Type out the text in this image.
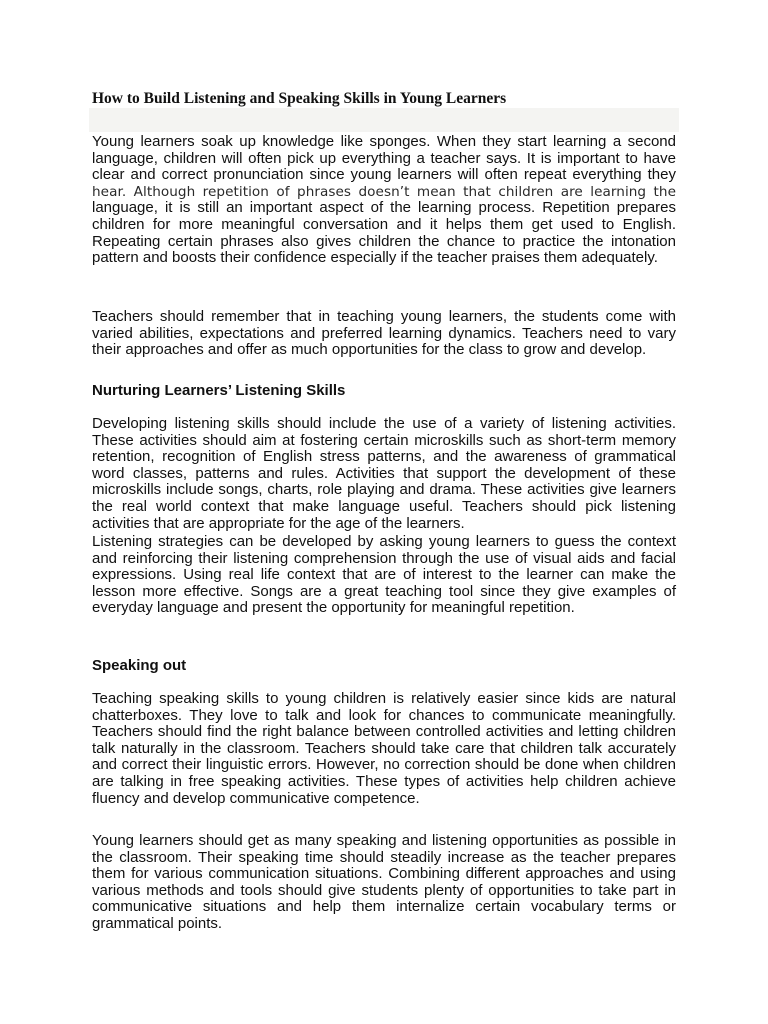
How to Build Listening and Speaking Skills in Young Learners

Young learners soak up knowledge like sponges. When they start learning a second language, children will often pick up everything a teacher says. It is important to have clear and correct pronunciation since young learners will often repeat everything they hear. Although repetition of phrases doesn’t mean that children are learning the language, it is still an important aspect of the learning process. Repetition prepares children for more meaningful conversation and it helps them get used to English. Repeating certain phrases also gives children the chance to practice the intonation pattern and boosts their confidence especially if the teacher praises them adequately.

Teachers should remember that in teaching young learners, the students come with varied abilities, expectations and preferred learning dynamics. Teachers need to vary their approaches and offer as much opportunities for the class to grow and develop.

Nurturing Learners’ Listening Skills

Developing listening skills should include the use of a variety of listening activities. These activities should aim at fostering certain microskills such as short-term memory retention, recognition of English stress patterns, and the awareness of grammatical word classes, patterns and rules. Activities that support the development of these microskills include songs, charts, role playing and drama. These activities give learners the real world context that make language useful. Teachers should pick listening activities that are appropriate for the age of the learners.

Listening strategies can be developed by asking young learners to guess the context and reinforcing their listening comprehension through the use of visual aids and facial expressions. Using real life context that are of interest to the learner can make the lesson more effective. Songs are a great teaching tool since they give examples of everyday language and present the opportunity for meaningful repetition.

Speaking out

Teaching speaking skills to young children is relatively easier since kids are natural chatterboxes. They love to talk and look for chances to communicate meaningfully. Teachers should find the right balance between controlled activities and letting children talk naturally in the classroom. Teachers should take care that children talk accurately and correct their linguistic errors. However, no correction should be done when children are talking in free speaking activities. These types of activities help children achieve fluency and develop communicative competence.

Young learners should get as many speaking and listening opportunities as possible in the classroom. Their speaking time should steadily increase as the teacher prepares them for various communication situations. Combining different approaches and using various methods and tools should give students plenty of opportunities to take part in communicative situations and help them internalize certain vocabulary terms or grammatical points.
